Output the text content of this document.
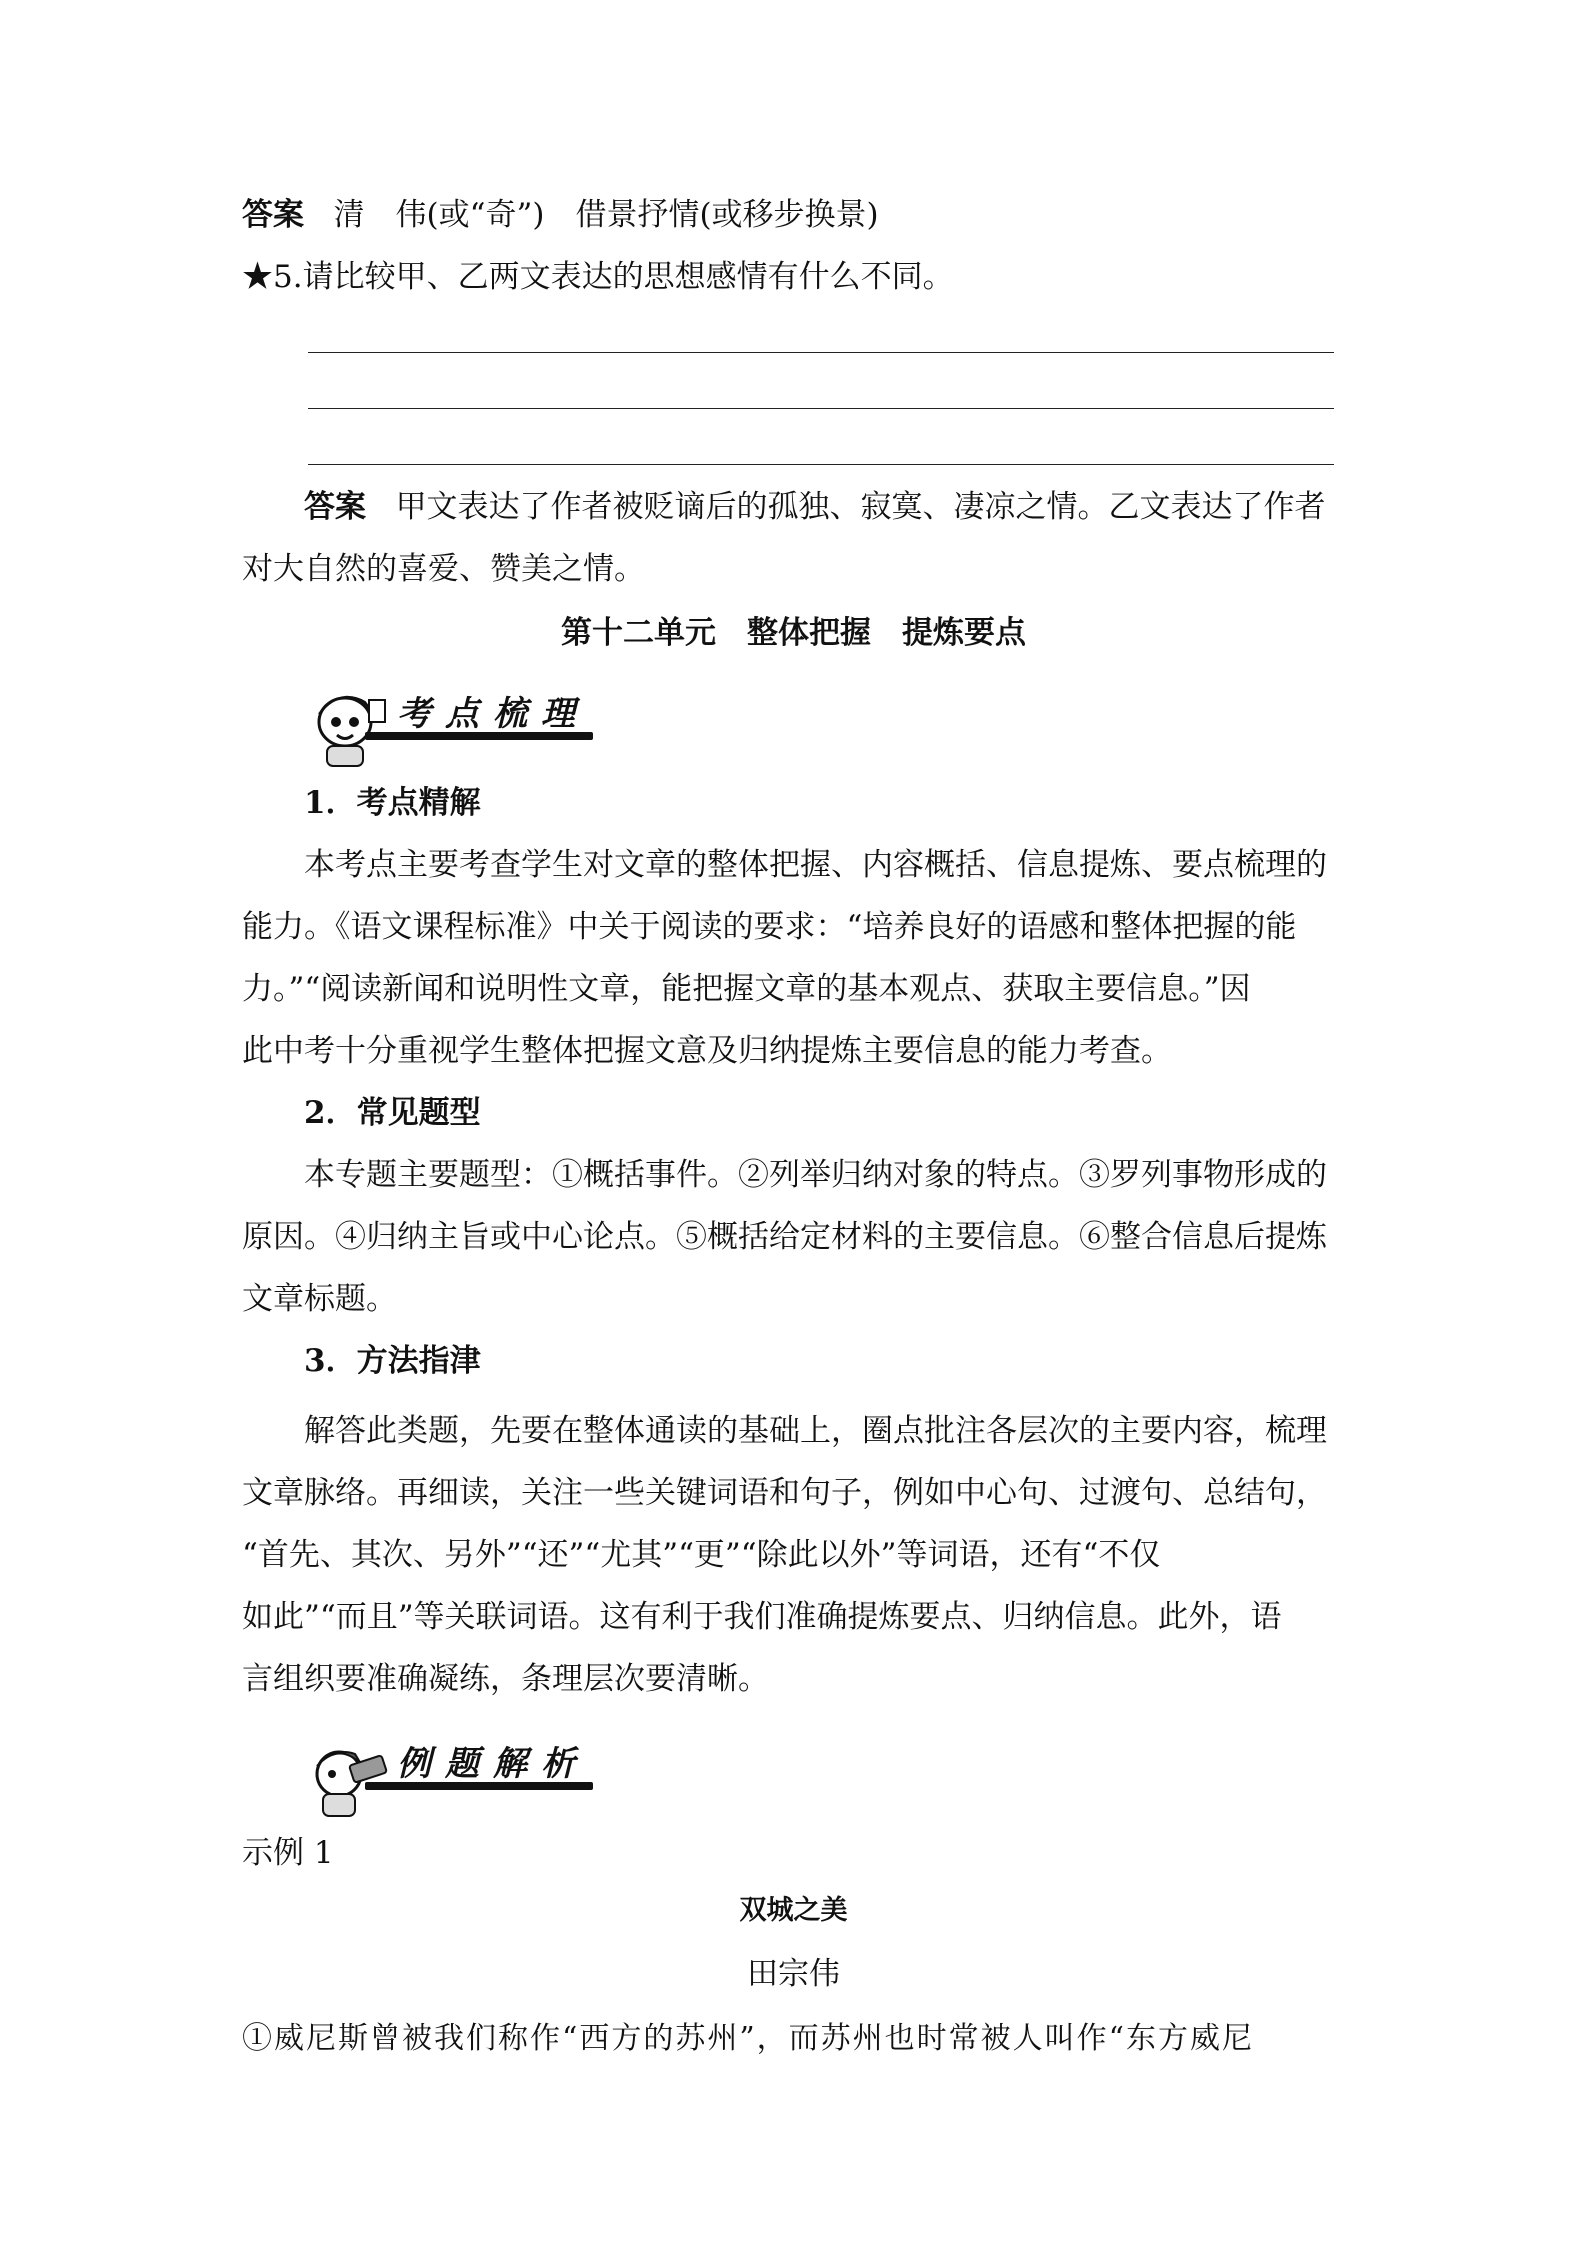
答案 清　伟(或“奇”)　借景抒情(或移步换景)

★5.请比较甲、乙两文表达的思想感情有什么不同。

答案 甲文表达了作者被贬谪后的孤独、寂寞、凄凉之情。乙文表达了作者

对大自然的喜爱、赞美之情。

第十二单元　整体把握　提炼要点

考点梳理

1．考点精解

本考点主要考查学生对文章的整体把握、内容概括、信息提炼、要点梳理的

能力。《语文课程标准》中关于阅读的要求：“培养良好的语感和整体把握的能

力。”“阅读新闻和说明性文章，能把握文章的基本观点、获取主要信息。”因

此中考十分重视学生整体把握文意及归纳提炼主要信息的能力考查。

2．常见题型

本专题主要题型：①概括事件。②列举归纳对象的特点。③罗列事物形成的

原因。④归纳主旨或中心论点。⑤概括给定材料的主要信息。⑥整合信息后提炼

文章标题。

3．方法指津

解答此类题，先要在整体通读的基础上，圈点批注各层次的主要内容，梳理

文章脉络。再细读，关注一些关键词语和句子，例如中心句、过渡句、总结句，

“首先、其次、另外”“还”“尤其”“更”“除此以外”等词语，还有“不仅

如此”“而且”等关联词语。这有利于我们准确提炼要点、归纳信息。此外，语

言组织要准确凝练，条理层次要清晰。

例题解析

示例 1

双城之美

田宗伟

①威尼斯曾被我们称作“西方的苏州”，而苏州也时常被人叫作“东方威尼
